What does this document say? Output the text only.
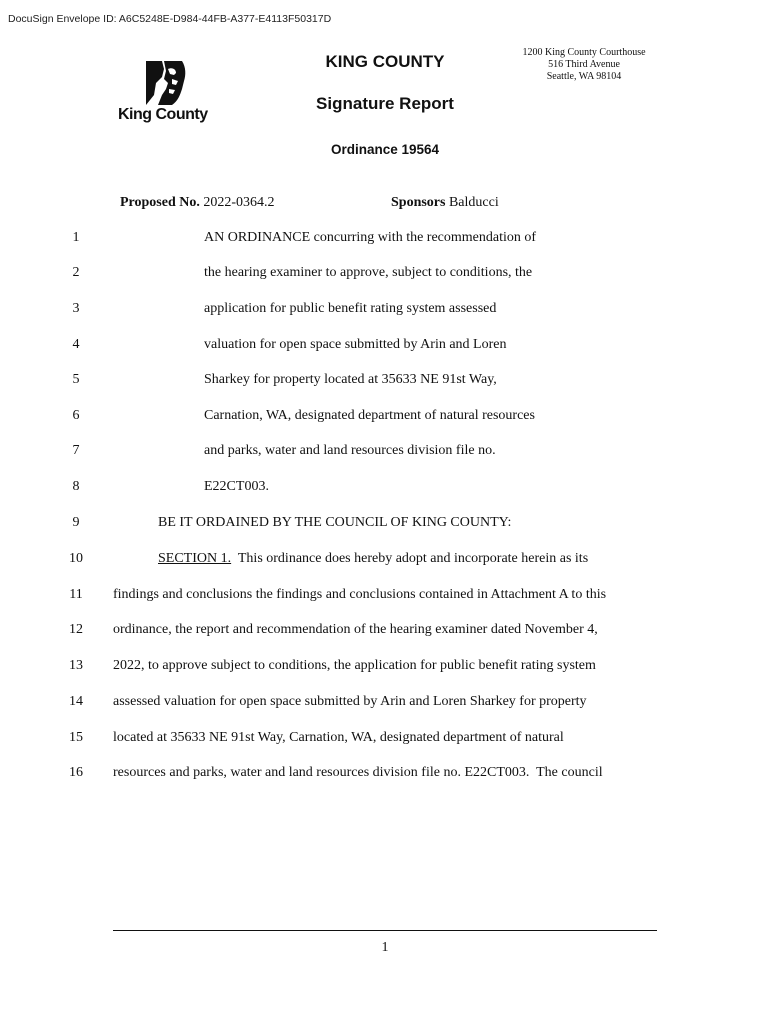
DocuSign Envelope ID: A6C5248E-D984-44FB-A377-E4113F50317D
King County
KING COUNTY
Signature Report
Ordinance 19564
1200 King County Courthouse
516 Third Avenue
Seattle, WA 98104
Proposed No. 2022-0364.2	Sponsors Balducci
1	AN ORDINANCE concurring with the recommendation of
2	the hearing examiner to approve, subject to conditions, the
3	application for public benefit rating system assessed
4	valuation for open space submitted by Arin and Loren
5	Sharkey for property located at 35633 NE 91st Way,
6	Carnation, WA, designated department of natural resources
7	and parks, water and land resources division file no.
8	E22CT003.
9	BE IT ORDAINED BY THE COUNCIL OF KING COUNTY:
10	SECTION 1.  This ordinance does hereby adopt and incorporate herein as its
11	findings and conclusions the findings and conclusions contained in Attachment A to this
12	ordinance, the report and recommendation of the hearing examiner dated November 4,
13	2022, to approve subject to conditions, the application for public benefit rating system
14	assessed valuation for open space submitted by Arin and Loren Sharkey for property
15	located at 35633 NE 91st Way, Carnation, WA, designated department of natural
16	resources and parks, water and land resources division file no. E22CT003.  The council
1
